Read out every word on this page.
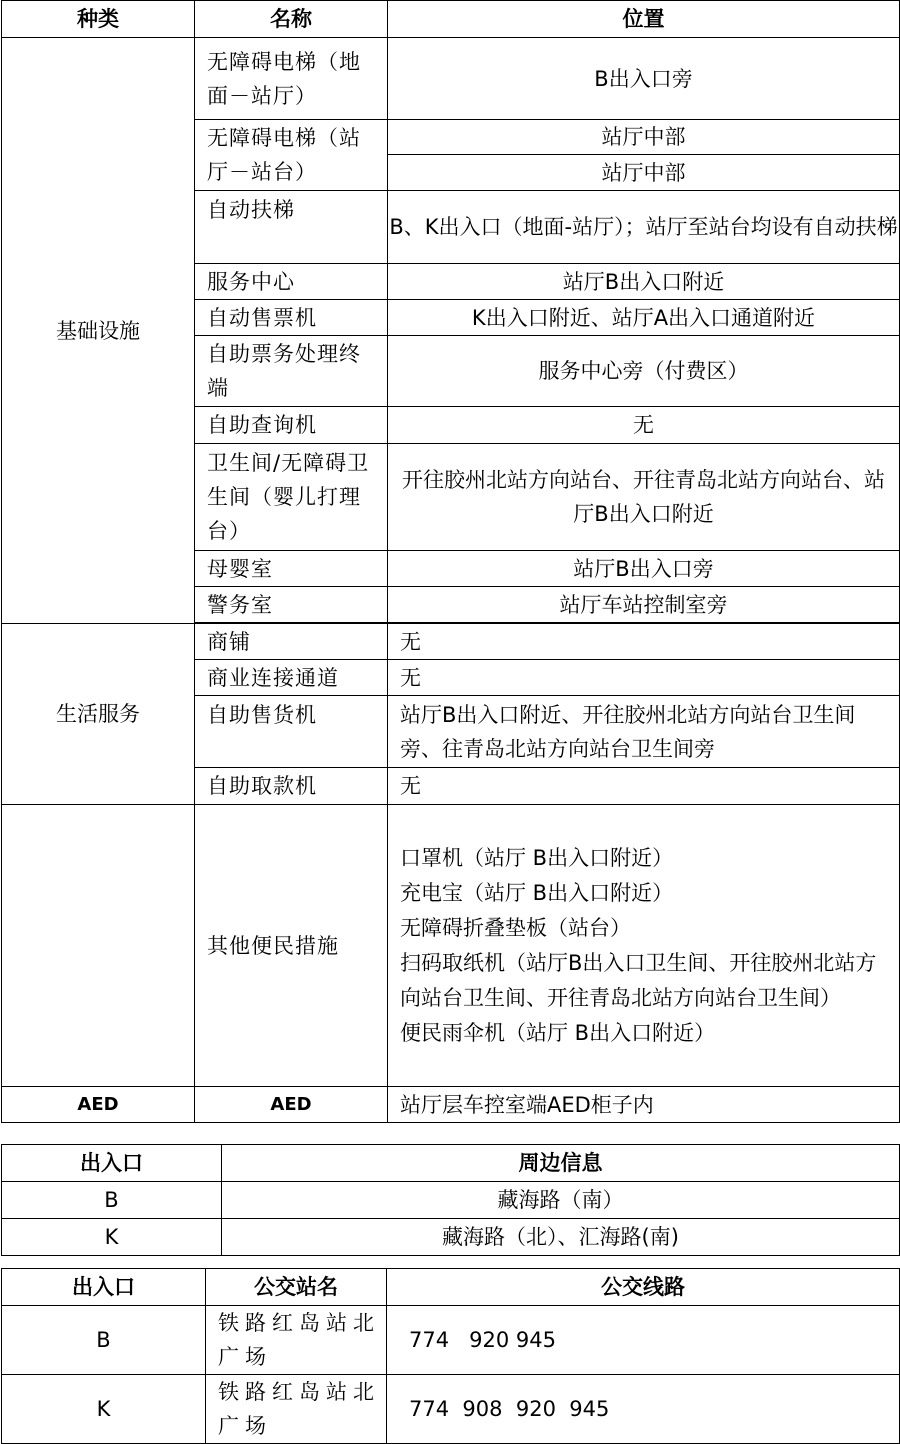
种类	名称	位置
基础设施	无障碍电梯（地面－站厅）	B出入口旁
	无障碍电梯（站厅－站台）	站厅中部
		站厅中部
	自动扶梯	B、K出入口（地面-站厅）；站厅至站台均设有自动扶梯
	服务中心	站厅B出入口附近
	自动售票机	K出入口附近、站厅A出入口通道附近
	自助票务处理终端	服务中心旁（付费区）
	自助查询机	无
	卫生间/无障碍卫生间（婴儿打理台）	开往胶州北站方向站台、开往青岛北站方向站台、站厅B出入口附近
	母婴室	站厅B出入口旁
	警务室	站厅车站控制室旁

生活服务	商铺	无
	商业连接通道	无
	自助售货机	站厅B出入口附近、开往胶州北站方向站台卫生间旁、往青岛北站方向站台卫生间旁
	自助取款机	无
	其他便民措施	口罩机（站厅 B出入口附近）
充电宝（站厅 B出入口附近）
无障碍折叠垫板（站台）
扫码取纸机（站厅B出入口卫生间、开往胶州北站方向站台卫生间、开往青岛北站方向站台卫生间）
便民雨伞机（站厅 B出入口附近）

AED	AED	站厅层车控室端AED柜子内
出入口	周边信息
B	藏海路（南）
K	藏海路（北）、汇海路(南)
出入口	公交站名	公交线路
B	铁路红岛站北广场	774   920 945
K	铁路红岛站北广场	774  908  920  945
